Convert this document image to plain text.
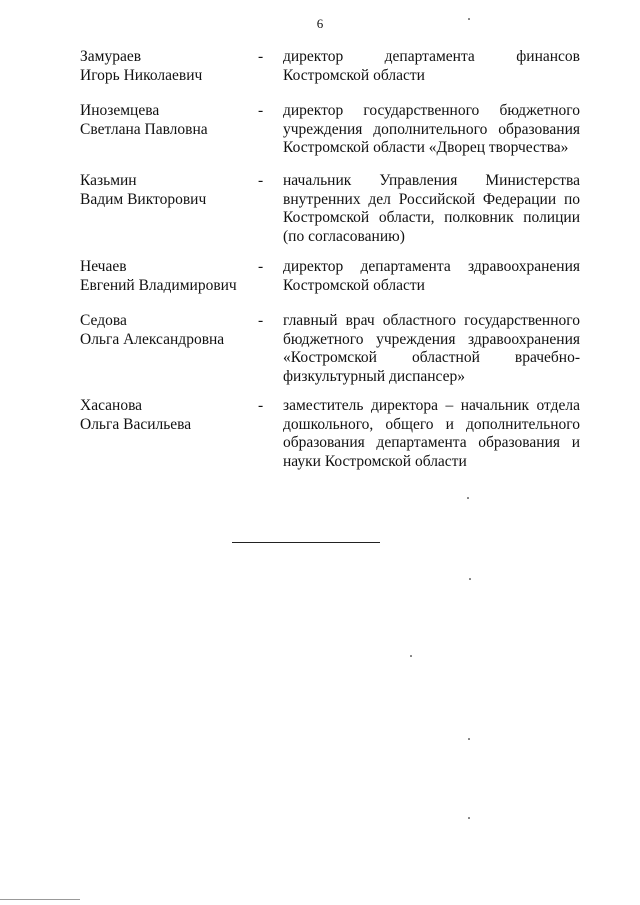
6
Замураев
Игорь Николаевич
- директор департамента финансов
Костромской области
Иноземцева
Светлана Павловна
- директор государственного бюджетного
учреждения дополнительного образования
Костромской области «Дворец творчества»
Казьмин
Вадим Викторович
- начальник Управления Министерства
внутренних дел Российской Федерации по
Костромской области, полковник полиции
(по согласованию)
Нечаев
Евгений Владимирович
- директор департамента здравоохранения
Костромской области
Седова
Ольга Александровна
- главный врач областного государственного
бюджетного учреждения здравоохранения
«Костромской областной врачебно-
физкультурный диспансер»
Хасанова
Ольга Васильева
- заместитель директора – начальник отдела
дошкольного, общего и дополнительного
образования департамента образования и
науки Костромской области
